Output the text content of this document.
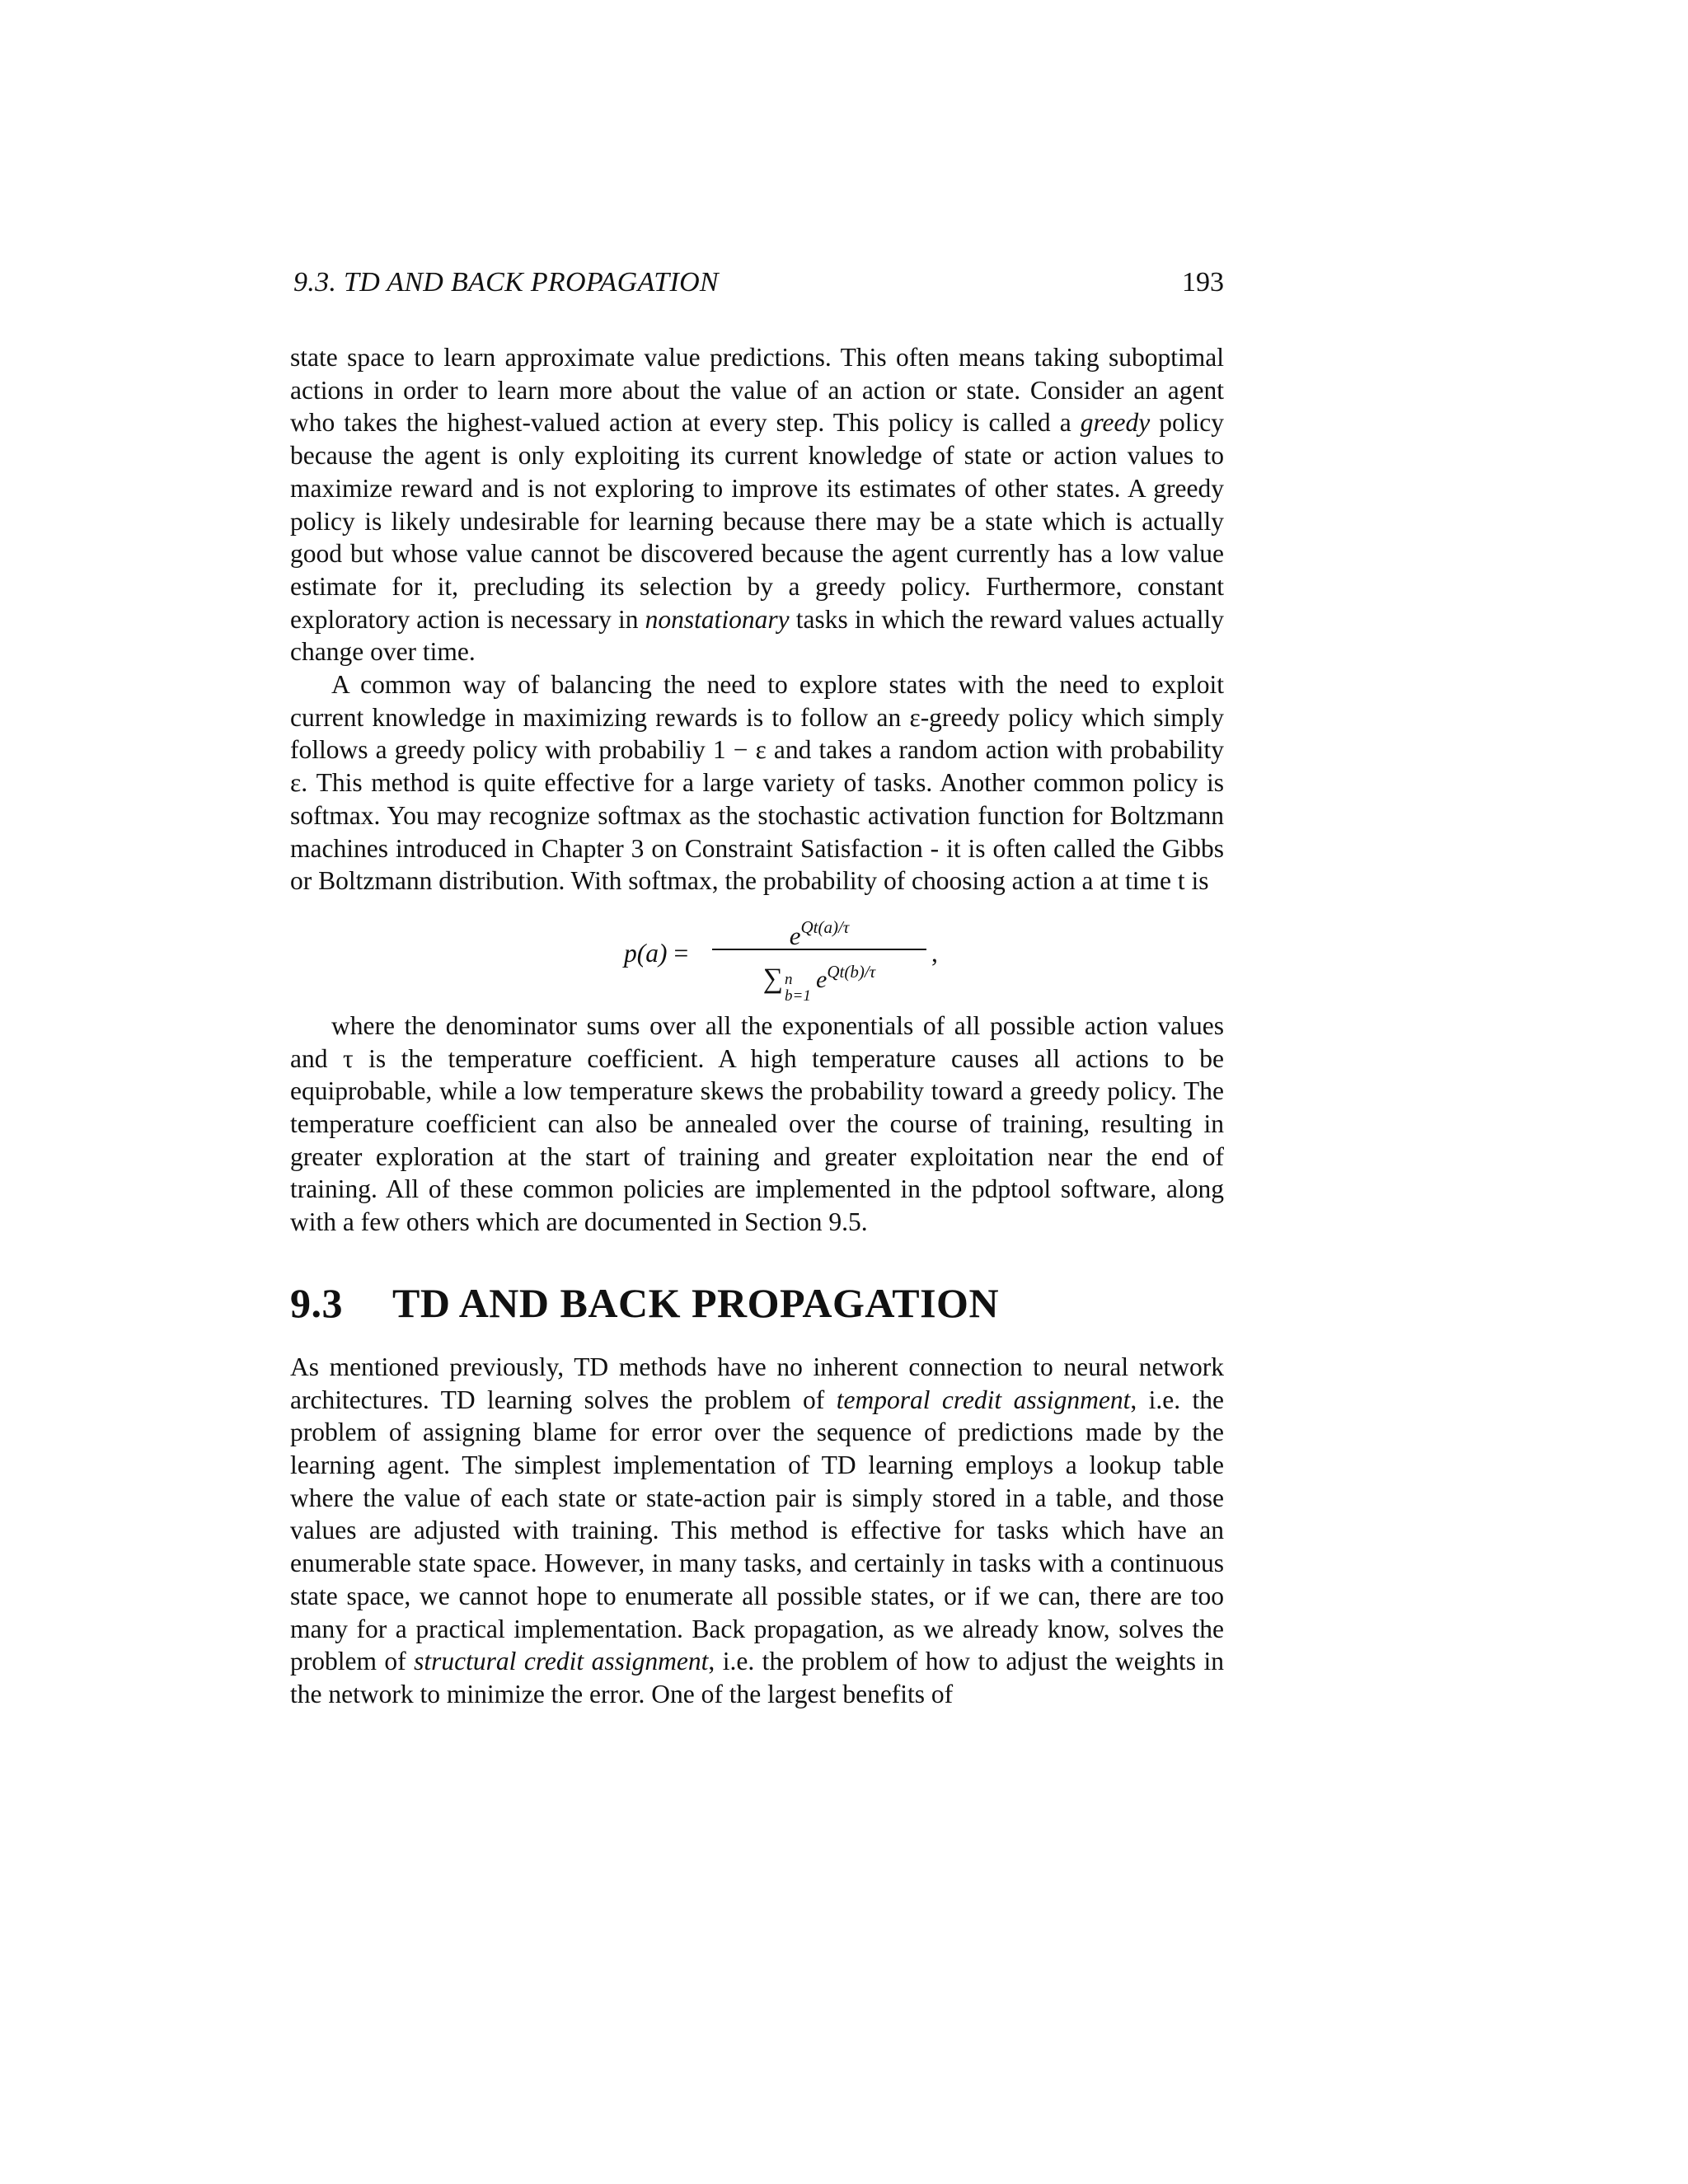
9.3. TD AND BACK PROPAGATION	193

state space to learn approximate value predictions. This often means taking suboptimal actions in order to learn more about the value of an action or state. Consider an agent who takes the highest-valued action at every step. This policy is called a greedy policy because the agent is only exploiting its current knowledge of state or action values to maximize reward and is not exploring to improve its estimates of other states. A greedy policy is likely undesirable for learning because there may be a state which is actually good but whose value cannot be discovered because the agent currently has a low value estimate for it, precluding its selection by a greedy policy. Furthermore, constant exploratory action is necessary in nonstationary tasks in which the reward values actually change over time.

A common way of balancing the need to explore states with the need to exploit current knowledge in maximizing rewards is to follow an ε-greedy policy which simply follows a greedy policy with probabiliy 1 − ε and takes a random action with probability ε. This method is quite effective for a large variety of tasks. Another common policy is softmax. You may recognize softmax as the stochastic activation function for Boltzmann machines introduced in Chapter 3 on Constraint Satisfaction - it is often called the Gibbs or Boltzmann distribution. With softmax, the probability of choosing action a at time t is

p(a) =
$e^{Qt(a)/\tau}$
∑ n
b=1
$e^{Qt(b)/\tau}$
,

where the denominator sums over all the exponentials of all possible action values and τ is the temperature coefficient. A high temperature causes all actions to be equiprobable, while a low temperature skews the probability toward a greedy policy. The temperature coefficient can also be annealed over the course of training, resulting in greater exploration at the start of training and greater exploitation near the end of training. All of these common policies are implemented in the pdptool software, along with a few others which are documented in Section 9.5.

9.3 TD AND BACK PROPAGATION

As mentioned previously, TD methods have no inherent connection to neural network architectures. TD learning solves the problem of temporal credit assignment, i.e. the problem of assigning blame for error over the sequence of predictions made by the learning agent. The simplest implementation of TD learning employs a lookup table where the value of each state or state-action pair is simply stored in a table, and those values are adjusted with training. This method is effective for tasks which have an enumerable state space. However, in many tasks, and certainly in tasks with a continuous state space, we cannot hope to enumerate all possible states, or if we can, there are too many for a practical implementation. Back propagation, as we already know, solves the problem of structural credit assignment, i.e. the problem of how to adjust the weights in the network to minimize the error. One of the largest benefits of
